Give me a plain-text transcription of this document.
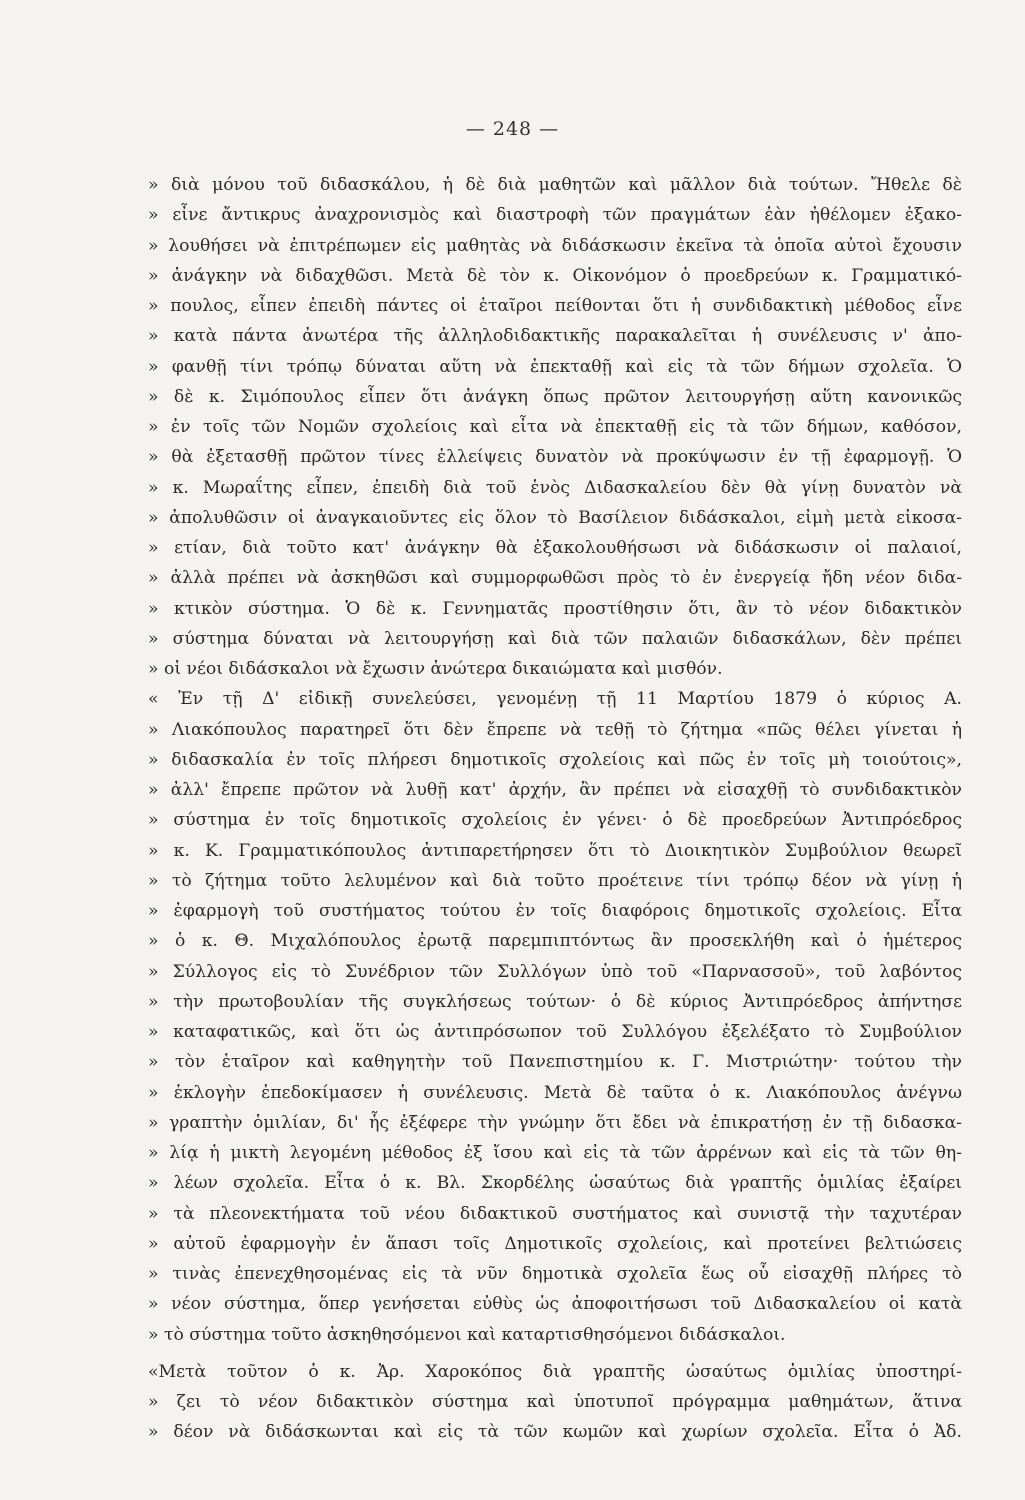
— 248 —
» διὰ μόνου τοῦ διδασκάλου, ἡ δὲ διὰ μαθητῶν καὶ μᾶλλον διὰ τούτων. Ἤθελε δὲ
» εἶνε ἄντικρυς ἀναχρονισμὸς καὶ διαστροφὴ τῶν πραγμάτων ἐὰν ἠθέλομεν ἐξακο-
» λουθήσει νὰ ἐπιτρέπωμεν εἰς μαθητὰς νὰ διδάσκωσιν ἐκεῖνα τὰ ὁποῖα αὐτοὶ ἔχουσιν
» ἀνάγκην νὰ διδαχθῶσι. Μετὰ δὲ τὸν κ. Οἰκονόμον ὁ προεδρεύων κ. Γραμματικό-
» πουλος, εἶπεν ἐπειδὴ πάντες οἱ ἑταῖροι πείθονται ὅτι ἡ συνδιδακτικὴ μέθοδος εἶνε
» κατὰ πάντα ἀνωτέρα τῆς ἀλληλοδιδακτικῆς παρακαλεῖται ἡ συνέλευσις ν' ἀπο-
» φανθῇ τίνι τρόπῳ δύναται αὕτη νὰ ἐπεκταθῇ καὶ εἰς τὰ τῶν δήμων σχολεῖα. Ὁ
» δὲ κ. Σιμόπουλος εἶπεν ὅτι ἀνάγκη ὅπως πρῶτον λειτουργήσῃ αὕτη κανονικῶς
» ἐν τοῖς τῶν Νομῶν σχολείοις καὶ εἶτα νὰ ἐπεκταθῇ εἰς τὰ τῶν δήμων, καθόσον,
» θὰ ἐξετασθῇ πρῶτον τίνες ἐλλείψεις δυνατὸν νὰ προκύψωσιν ἐν τῇ ἐφαρμογῇ. Ὁ
» κ. Μωραΐτης εἶπεν, ἐπειδὴ διὰ τοῦ ἑνὸς Διδασκαλείου δὲν θὰ γίνῃ δυνατὸν νὰ
» ἀπολυθῶσιν οἱ ἀναγκαιοῦντες εἰς ὅλον τὸ Βασίλειον διδάσκαλοι, εἰμὴ μετὰ εἰκοσα-
» ετίαν, διὰ τοῦτο κατ' ἀνάγκην θὰ ἐξακολουθήσωσι νὰ διδάσκωσιν οἱ παλαιοί,
» ἀλλὰ πρέπει νὰ ἀσκηθῶσι καὶ συμμορφωθῶσι πρὸς τὸ ἐν ἐνεργείᾳ ἤδη νέον διδα-
» κτικὸν σύστημα. Ὁ δὲ κ. Γεννηματᾶς προστίθησιν ὅτι, ἂν τὸ νέον διδακτικὸν
» σύστημα δύναται νὰ λειτουργήσῃ καὶ διὰ τῶν παλαιῶν διδασκάλων, δὲν πρέπει
» οἱ νέοι διδάσκαλοι νὰ ἔχωσιν ἀνώτερα δικαιώματα καὶ μισθόν.
« Ἐν τῇ Δ' εἰδικῇ συνελεύσει, γενομένῃ τῇ 11 Μαρτίου 1879 ὁ κύριος Α.
» Λιακόπουλος παρατηρεῖ ὅτι δὲν ἔπρεπε νὰ τεθῇ τὸ ζήτημα «πῶς θέλει γίνεται ἡ
» διδασκαλία ἐν τοῖς πλήρεσι δημοτικοῖς σχολείοις καὶ πῶς ἐν τοῖς μὴ τοιούτοις»,
» ἀλλ' ἔπρεπε πρῶτον νὰ λυθῇ κατ' ἀρχήν, ἂν πρέπει νὰ εἰσαχθῇ τὸ συνδιδακτικὸν
» σύστημα ἐν τοῖς δημοτικοῖς σχολείοις ἐν γένει· ὁ δὲ προεδρεύων Ἀντιπρόεδρος
» κ. Κ. Γραμματικόπουλος ἀντιπαρετήρησεν ὅτι τὸ Διοικητικὸν Συμβούλιον θεωρεῖ
» τὸ ζήτημα τοῦτο λελυμένον καὶ διὰ τοῦτο προέτεινε τίνι τρόπῳ δέον νὰ γίνῃ ἡ
» ἐφαρμογὴ τοῦ συστήματος τούτου ἐν τοῖς διαφόροις δημοτικοῖς σχολείοις. Εἶτα
» ὁ κ. Θ. Μιχαλόπουλος ἐρωτᾷ παρεμπιπτόντως ἂν προσεκλήθη καὶ ὁ ἡμέτερος
» Σύλλογος εἰς τὸ Συνέδριον τῶν Συλλόγων ὑπὸ τοῦ «Παρνασσοῦ», τοῦ λαβόντος
» τὴν πρωτοβουλίαν τῆς συγκλήσεως τούτων· ὁ δὲ κύριος Ἀντιπρόεδρος ἀπήντησε
» καταφατικῶς, καὶ ὅτι ὡς ἀντιπρόσωπον τοῦ Συλλόγου ἐξελέξατο τὸ Συμβούλιον
» τὸν ἑταῖρον καὶ καθηγητὴν τοῦ Πανεπιστημίου κ. Γ. Μιστριώτην· τούτου τὴν
» ἐκλογὴν ἐπεδοκίμασεν ἡ συνέλευσις. Μετὰ δὲ ταῦτα ὁ κ. Λιακόπουλος ἀνέγνω
» γραπτὴν ὁμιλίαν, δι' ἧς ἐξέφερε τὴν γνώμην ὅτι ἔδει νὰ ἐπικρατήσῃ ἐν τῇ διδασκα-
» λίᾳ ἡ μικτὴ λεγομένη μέθοδος ἐξ ἴσου καὶ εἰς τὰ τῶν ἀρρένων καὶ εἰς τὰ τῶν θη-
» λέων σχολεῖα. Εἶτα ὁ κ. Βλ. Σκορδέλης ὡσαύτως διὰ γραπτῆς ὁμιλίας ἐξαίρει
» τὰ πλεονεκτήματα τοῦ νέου διδακτικοῦ συστήματος καὶ συνιστᾷ τὴν ταχυτέραν
» αὐτοῦ ἐφαρμογὴν ἐν ἅπασι τοῖς Δημοτικοῖς σχολείοις, καὶ προτείνει βελτιώσεις
» τινὰς ἐπενεχθησομένας εἰς τὰ νῦν δημοτικὰ σχολεῖα ἕως οὗ εἰσαχθῇ πλήρες τὸ
» νέον σύστημα, ὅπερ γενήσεται εὐθὺς ὡς ἀποφοιτήσωσι τοῦ Διδασκαλείου οἱ κατὰ
» τὸ σύστημα τοῦτο ἀσκηθησόμενοι καὶ καταρτισθησόμενοι διδάσκαλοι.
«Μετὰ τοῦτον ὁ κ. Ἀρ. Χαροκόπος διὰ γραπτῆς ὡσαύτως ὁμιλίας ὑποστηρί-
» ζει τὸ νέον διδακτικὸν σύστημα καὶ ὑποτυποῖ πρόγραμμα μαθημάτων, ἅτινα
» δέον νὰ διδάσκωνται καὶ εἰς τὰ τῶν κωμῶν καὶ χωρίων σχολεῖα. Εἶτα ὁ Ἀδ.
